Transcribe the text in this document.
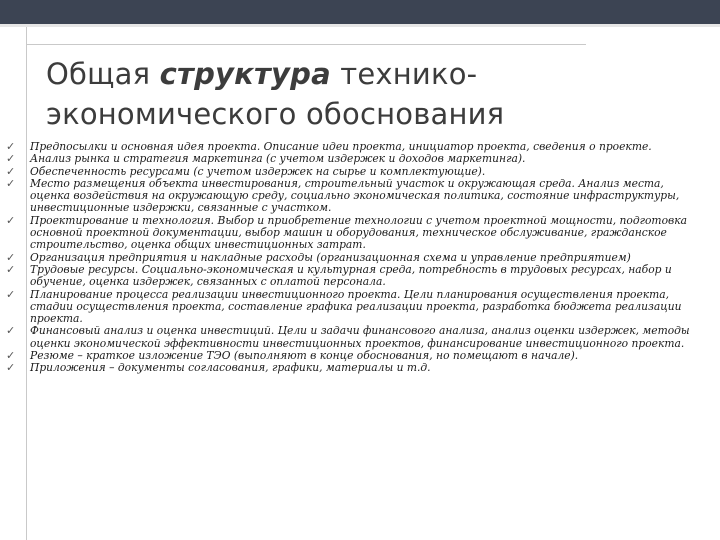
Общая структура технико-экономического обоснования
✓ Предпосылки и основная идея проекта. Описание идеи проекта, инициатор проекта, сведения о проекте.
✓ Анализ рынка и стратегия маркетинга (с учетом издержек и доходов маркетинга).
✓ Обеспеченность ресурсами (с учетом издержек на сырье и комплектующие).
✓ Место размещения объекта инвестирования, строительный участок и окружающая среда. Анализ места, оценка воздействия на окружающую среду, социально экономическая политика, состояние инфраструктуры, инвестиционные издержки, связанные с участком.
✓ Проектирование и технология. Выбор и приобретение технологии с учетом проектной мощности, подготовка основной проектной документации, выбор машин и оборудования, техническое обслуживание, гражданское строительство, оценка общих инвестиционных затрат.
✓ Организация предприятия и накладные расходы (организационная схема и управление предприятием)
✓ Трудовые ресурсы. Социально-экономическая и культурная среда, потребность в трудовых ресурсах, набор и обучение, оценка издержек, связанных с оплатой персонала.
✓ Планирование процесса реализации инвестиционного проекта. Цели планирования осуществления проекта, стадии осуществления проекта, составление графика реализации проекта, разработка бюджета реализации проекта.
✓ Финансовый анализ и оценка инвестиций. Цели и задачи финансового анализа, анализ оценки издержек, методы оценки экономической эффективности инвестиционных проектов, финансирование инвестиционного проекта.
✓ Резюме – краткое изложение ТЭО (выполняют в конце обоснования, но помещают в начале).
✓ Приложения – документы согласования, графики, материалы и т.д.
